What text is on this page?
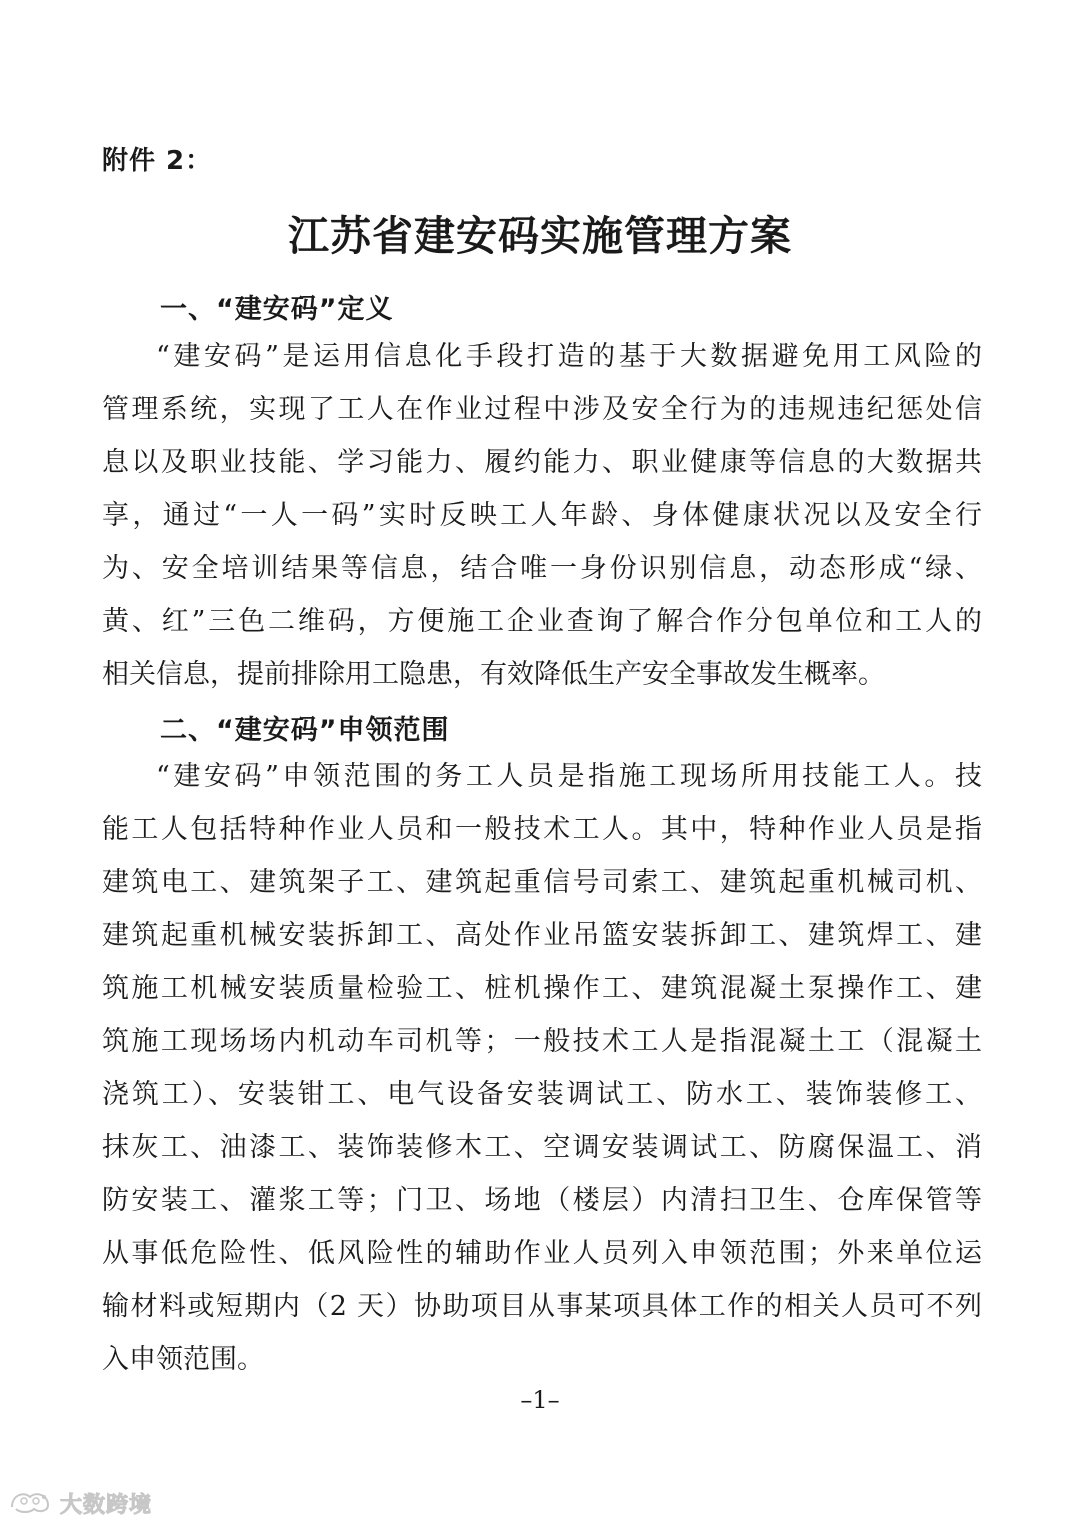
附件 2：
江苏省建安码实施管理方案
一、“建安码”定义
“建安码”是运用信息化手段打造的基于大数据避免用工风险的
管理系统，实现了工人在作业过程中涉及安全行为的违规违纪惩处信
息以及职业技能、学习能力、履约能力、职业健康等信息的大数据共
享，通过“一人一码”实时反映工人年龄、身体健康状况以及安全行
为、安全培训结果等信息，结合唯一身份识别信息，动态形成“绿、
黄、红”三色二维码，方便施工企业查询了解合作分包单位和工人的
相关信息，提前排除用工隐患，有效降低生产安全事故发生概率。
二、“建安码”申领范围
“建安码”申领范围的务工人员是指施工现场所用技能工人。技
能工人包括特种作业人员和一般技术工人。其中，特种作业人员是指
建筑电工、建筑架子工、建筑起重信号司索工、建筑起重机械司机、
建筑起重机械安装拆卸工、高处作业吊篮安装拆卸工、建筑焊工、建
筑施工机械安装质量检验工、桩机操作工、建筑混凝土泵操作工、建
筑施工现场场内机动车司机等；一般技术工人是指混凝土工（混凝土
浇筑工）、安装钳工、电气设备安装调试工、防水工、装饰装修工、
抹灰工、油漆工、装饰装修木工、空调安装调试工、防腐保温工、消
防安装工、灌浆工等；门卫、场地（楼层）内清扫卫生、仓库保管等
从事低危险性、低风险性的辅助作业人员列入申领范围；外来单位运
输材料或短期内（2 天）协助项目从事某项具体工作的相关人员可不列
入申领范围。
–1–
大数跨境
